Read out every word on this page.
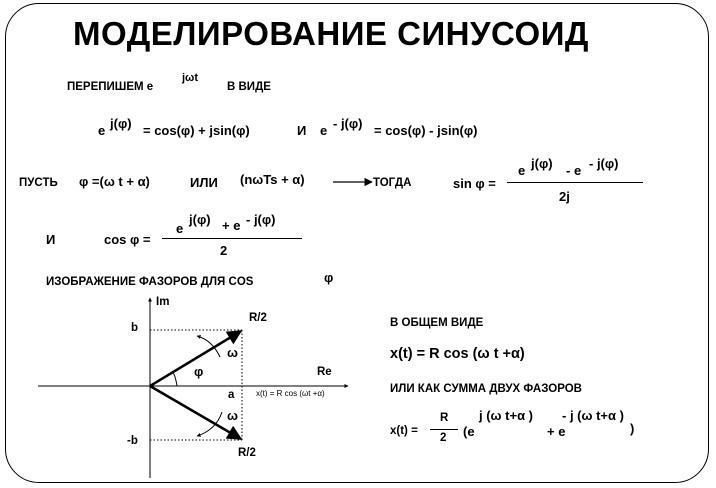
МОДЕЛИРОВАНИЕ СИНУСОИД
ПЕРЕПИШЕМ e
jωt
В ВИДЕ
e j(φ) = cos(φ) + jsin(φ)	И e - j(φ) = cos(φ) - jsin(φ)
ПУСТЬ φ =(ω t + α)	ИЛИ (nωTs + α)	ТОГДА	sin φ =
e j(φ) - e - j(φ)
2j
И	cos φ =
e
j(φ) + e - j(φ)
2
ИЗОБРАЖЕНИЕ ФАЗОРОВ ДЛЯ COS	φ
Im
Re
b
-b
a
R/2
R/2
ω
ω
φ
x(t) = R cos (ωt +α)
В ОБЩЕМ ВИДЕ
x(t) = R cos (ω t +α)
ИЛИ КАК СУММА ДВУХ ФАЗОРОВ
x(t) =
R
2 (e
j (ω t+α )
+ e
- j (ω t+α )
)
